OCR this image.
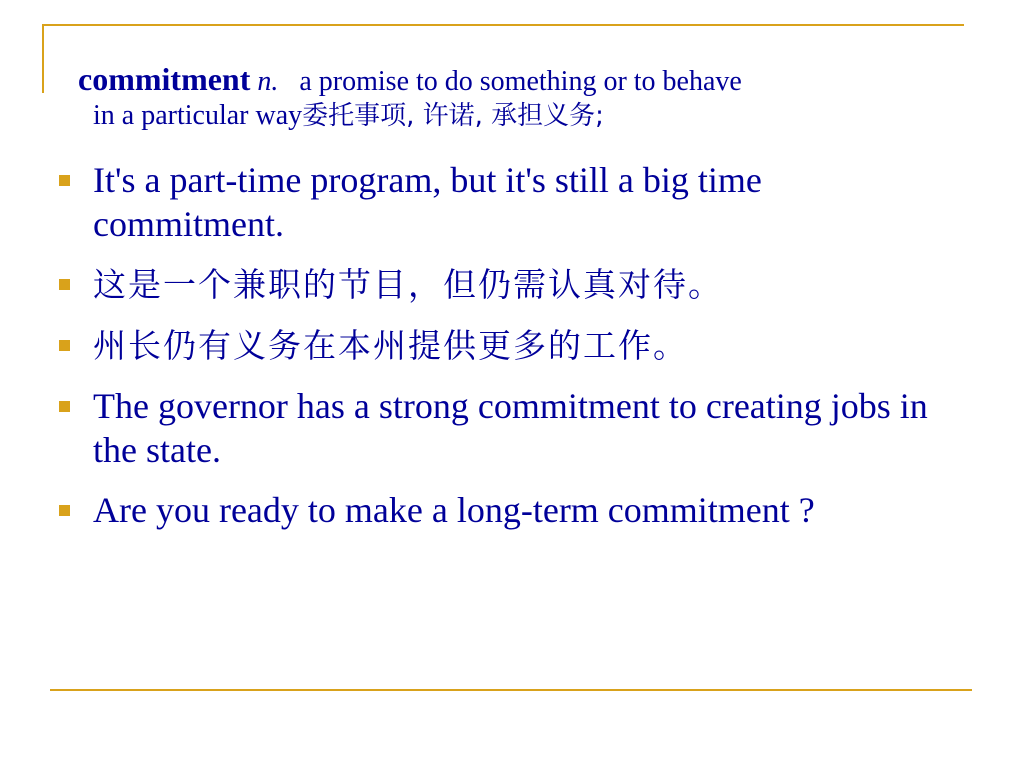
commitment n. a promise to do something or to behave
in a particular way委托事项, 许诺, 承担义务;
It's a part-time program, but it's still a big time commitment.
这是一个兼职的节目，但仍需认真对待。
州长仍有义务在本州提供更多的工作。
The governor has a strong commitment to creating jobs in the state.
Are you ready to make a long-term commitment ?
